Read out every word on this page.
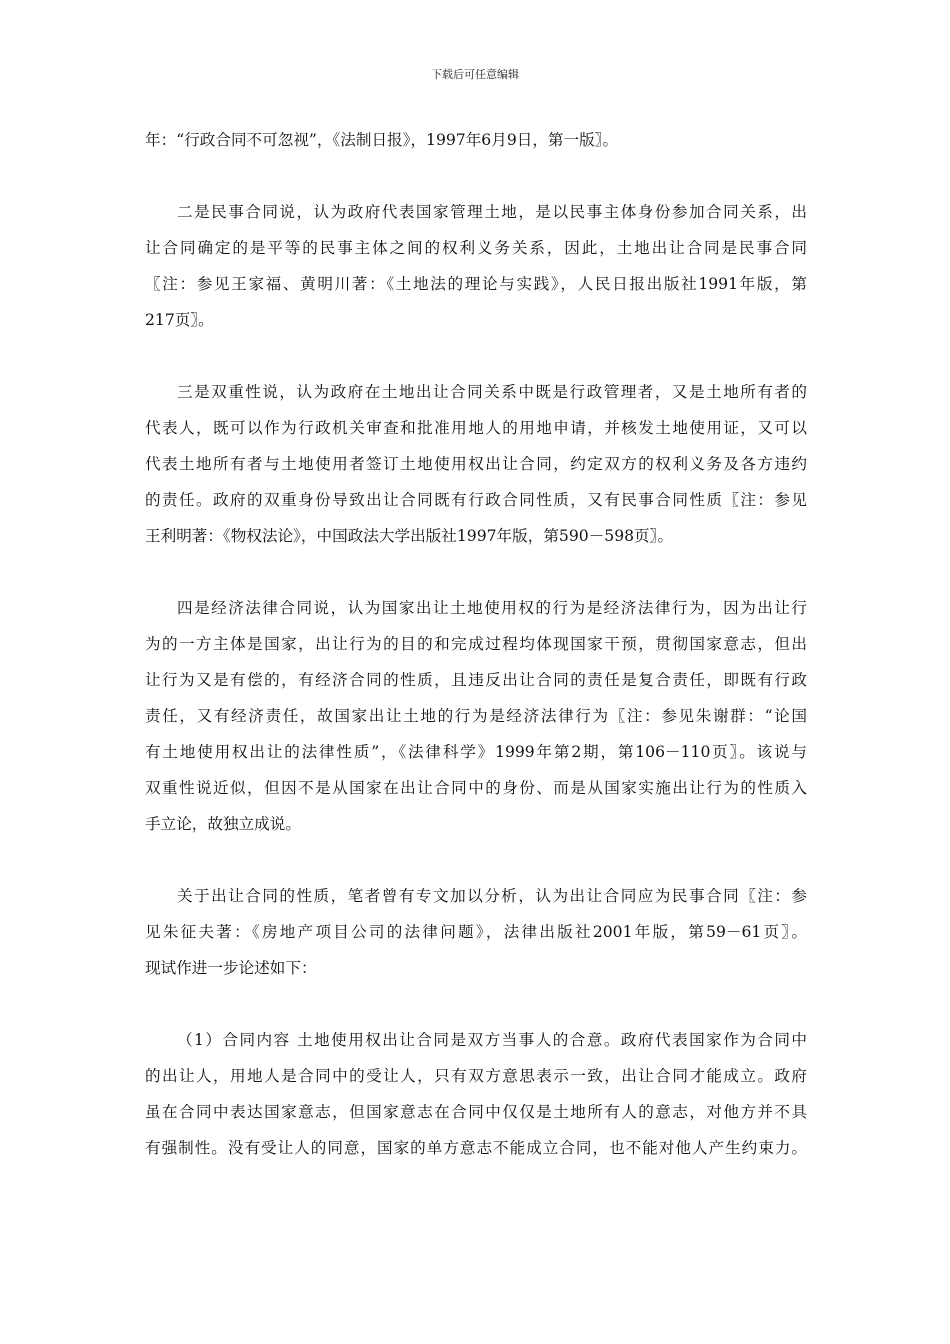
下载后可任意编辑
年：“行政合同不可忽视”，《法制日报》，1997年6月9日，第一版〗。
二是民事合同说，认为政府代表国家管理土地，是以民事主体身份参加合同关系，出
让合同确定的是平等的民事主体之间的权利义务关系，因此，土地出让合同是民事合同
〖注：参见王家福、黄明川著：《土地法的理论与实践》，人民日报出版社1991年版，第
217页〗。
三是双重性说，认为政府在土地出让合同关系中既是行政管理者，又是土地所有者的
代表人，既可以作为行政机关审查和批准用地人的用地申请，并核发土地使用证，又可以
代表土地所有者与土地使用者签订土地使用权出让合同，约定双方的权利义务及各方违约
的责任。政府的双重身份导致出让合同既有行政合同性质，又有民事合同性质〖注：参见
王利明著：《物权法论》，中国政法大学出版社1997年版，第590－598页〗。
四是经济法律合同说，认为国家出让土地使用权的行为是经济法律行为，因为出让行
为的一方主体是国家，出让行为的目的和完成过程均体现国家干预，贯彻国家意志，但出
让行为又是有偿的，有经济合同的性质，且违反出让合同的责任是复合责任，即既有行政
责任，又有经济责任，故国家出让土地的行为是经济法律行为〖注：参见朱谢群：“论国
有土地使用权出让的法律性质”，《法律科学》1999年第2期，第106－110页〗。该说与
双重性说近似，但因不是从国家在出让合同中的身份、而是从国家实施出让行为的性质入
手立论，故独立成说。
关于出让合同的性质，笔者曾有专文加以分析，认为出让合同应为民事合同〖注：参
见朱征夫著：《房地产项目公司的法律问题》，法律出版社2001年版，第59－61页〗。
现试作进一步论述如下：
（1）合同内容 土地使用权出让合同是双方当事人的合意。政府代表国家作为合同中
的出让人，用地人是合同中的受让人，只有双方意思表示一致，出让合同才能成立。政府
虽在合同中表达国家意志，但国家意志在合同中仅仅是土地所有人的意志，对他方并不具
有强制性。没有受让人的同意，国家的单方意志不能成立合同，也不能对他人产生约束力。
